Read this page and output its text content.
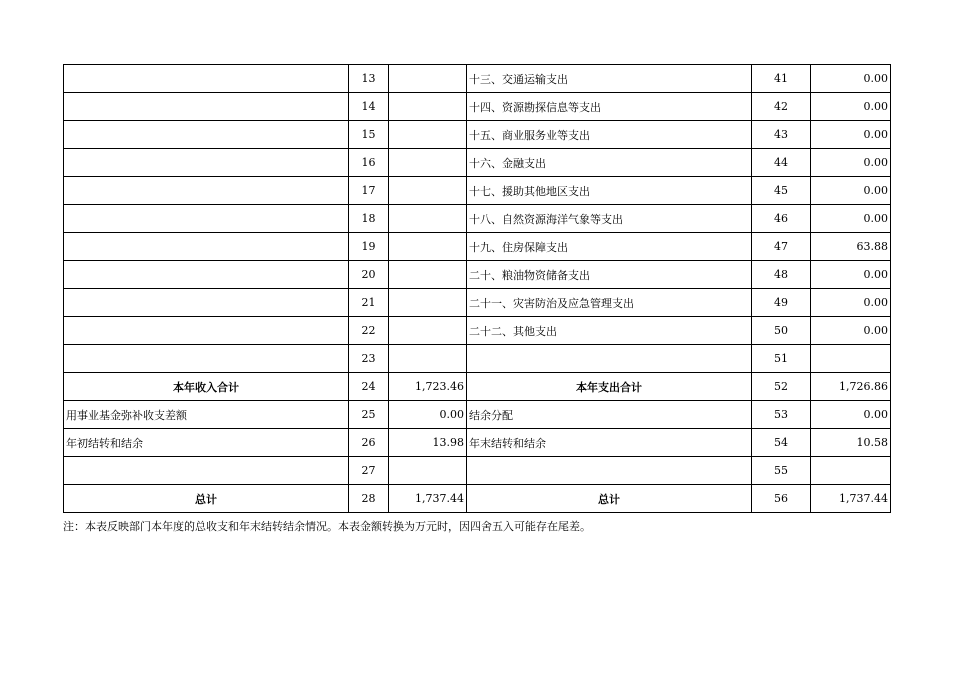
	13		十三、交通运输支出	41	0.00
	14		十四、资源勘探信息等支出	42	0.00
	15		十五、商业服务业等支出	43	0.00
	16		十六、金融支出	44	0.00
	17		十七、援助其他地区支出	45	0.00
	18		十八、自然资源海洋气象等支出	46	0.00
	19		十九、住房保障支出	47	63.88
	20		二十、粮油物资储备支出	48	0.00
	21		二十一、灾害防治及应急管理支出	49	0.00
	22		二十二、其他支出	50	0.00
	23			51	
本年收入合计	24	1,723.46	本年支出合计	52	1,726.86
用事业基金弥补收支差额	25	0.00	结余分配	53	0.00
年初结转和结余	26	13.98	年末结转和结余	54	10.58
	27			55	
总计	28	1,737.44	总计	56	1,737.44
注：本表反映部门本年度的总收支和年末结转结余情况。本表金额转换为万元时，因四舍五入可能存在尾差。
